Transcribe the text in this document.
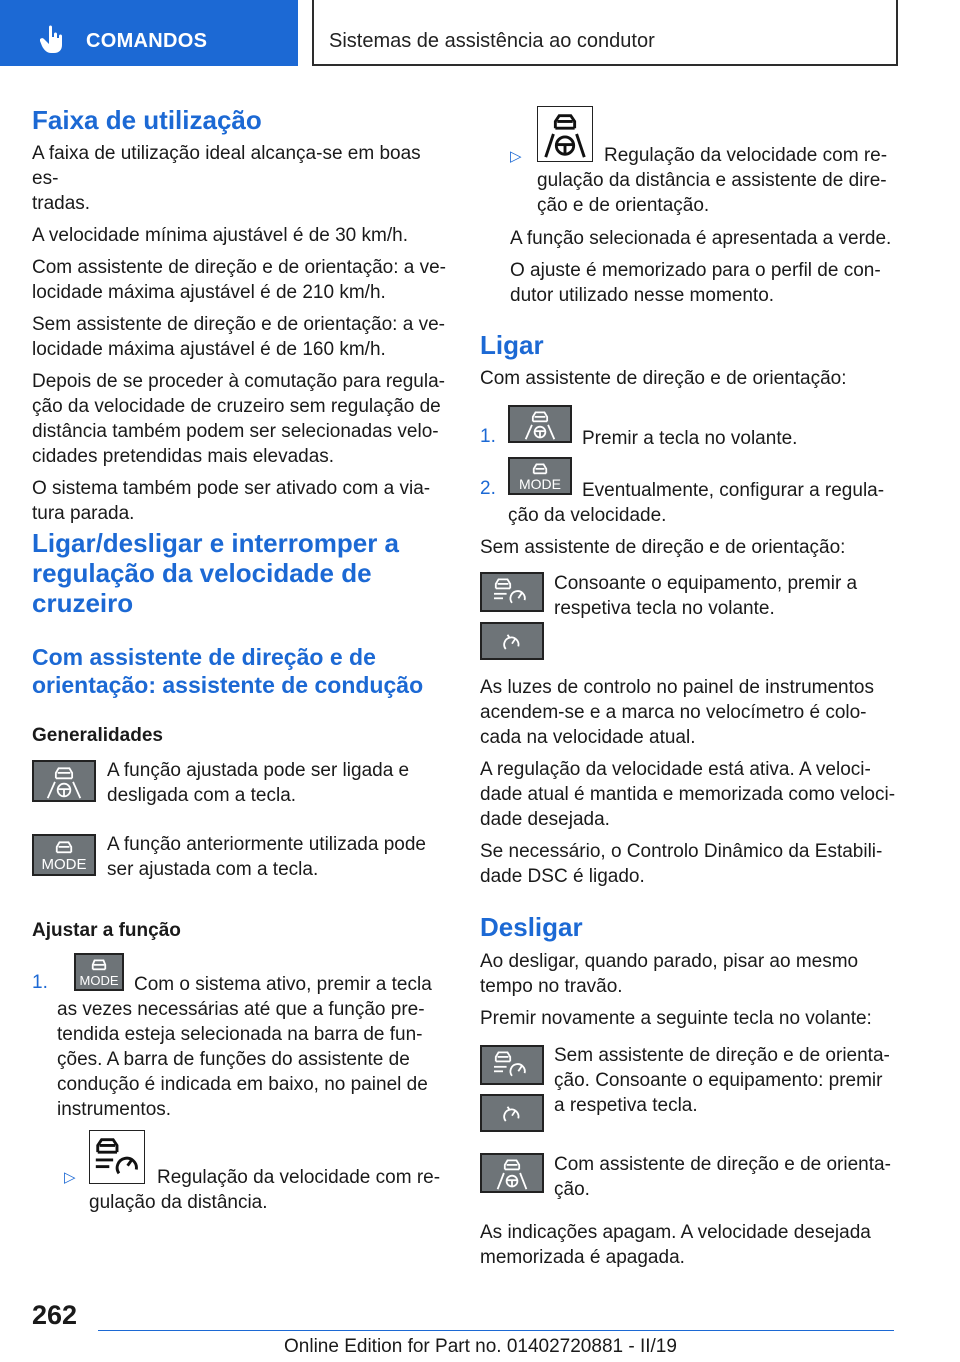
COMANDOS	Sistemas de assistência ao condutor
Faixa de utilização

A faixa de utilização ideal alcança-se em boas es-

tradas.

A velocidade mínima ajustável é de 30 km/h.

Com assistente de direção e de orientação: a ve-

locidade máxima ajustável é de 210 km/h.

Sem assistente de direção e de orientação: a ve-

locidade máxima ajustável é de 160 km/h.

Depois de se proceder à comutação para regula-

ção da velocidade de cruzeiro sem regulação de

distância também podem ser selecionadas velo-

cidades pretendidas mais elevadas.

O sistema também pode ser ativado com a via-

tura parada.

Ligar/desligar e interromper a
regulação da velocidade de
cruzeiro
Com assistente de direção e de
orientação: assistente de condução
Generalidades

A função ajustada pode ser ligada e

desligada com a tecla.

MODE

A função anteriormente utilizada pode

ser ajustada com a tecla.

Ajustar a função
1. MODE Com o sistema ativo, premir a tecla

as vezes necessárias até que a função pre-

tendida esteja selecionada na barra de fun-

ções. A barra de funções do assistente de

condução é indicada em baixo, no painel de

instrumentos.

▷	Regulação da velocidade com re-

gulação da distância.

▷	Regulação da velocidade com re-

gulação da distância e assistente de dire-

ção e de orientação.

A função selecionada é apresentada a verde.

O ajuste é memorizado para o perfil de con-

dutor utilizado nesse momento.

Ligar

Com assistente de direção e de orientação:

1.	Premir a tecla no volante.

2.	MODE	Eventualmente, configurar a regula-

ção da velocidade.

Sem assistente de direção e de orientação:

Consoante o equipamento, premir a

respetiva tecla no volante.

As luzes de controlo no painel de instrumentos

acendem-se e a marca no velocímetro é colo-

cada na velocidade atual.

A regulação da velocidade está ativa. A veloci-

dade atual é mantida e memorizada como veloci-

dade desejada.

Se necessário, o Controlo Dinâmico da Estabili-

dade DSC é ligado.

Desligar

Ao desligar, quando parado, pisar ao mesmo

tempo no travão.

Premir novamente a seguinte tecla no volante:

Sem assistente de direção e de orienta-

ção. Consoante o equipamento: premir

a respetiva tecla.

Com assistente de direção e de orienta-

ção.

As indicações apagam. A velocidade desejada

memorizada é apagada.

262
Online Edition for Part no. 01402720881 - II/19
